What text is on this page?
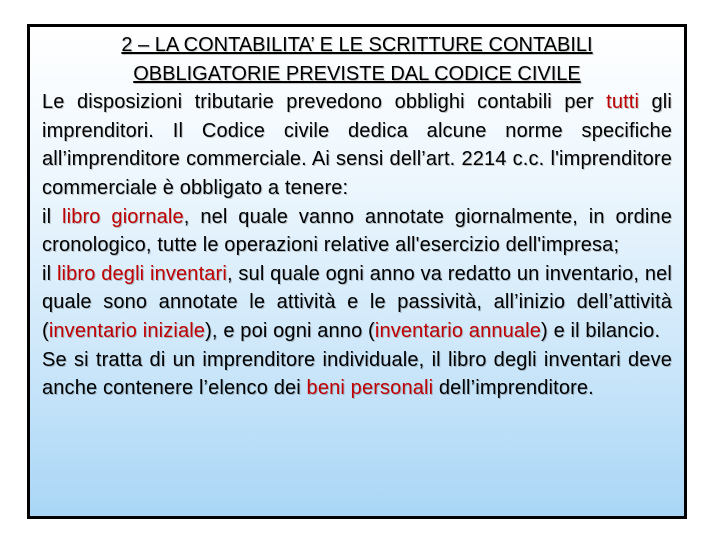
2 – LA CONTABILITA’ E LE SCRITTURE CONTABILI
OBBLIGATORIE PREVISTE DAL CODICE CIVILE

Le disposizioni tributarie prevedono obblighi contabili per tutti gli imprenditori. Il Codice civile dedica alcune norme specifiche all’imprenditore commerciale. Ai sensi dell’art. 2214 c.c. l'imprenditore commerciale è obbligato a tenere:

il libro giornale, nel quale vanno annotate giornalmente, in ordine cronologico, tutte le operazioni relative all'esercizio dell'impresa;

il libro degli inventari, sul quale ogni anno va redatto un inventario, nel quale sono annotate le attività e le passività, all’inizio dell’attività (inventario iniziale), e poi ogni anno (inventario annuale) e il bilancio.

Se si tratta di un imprenditore individuale, il libro degli inventari deve anche contenere l’elenco dei beni personali dell’imprenditore.
